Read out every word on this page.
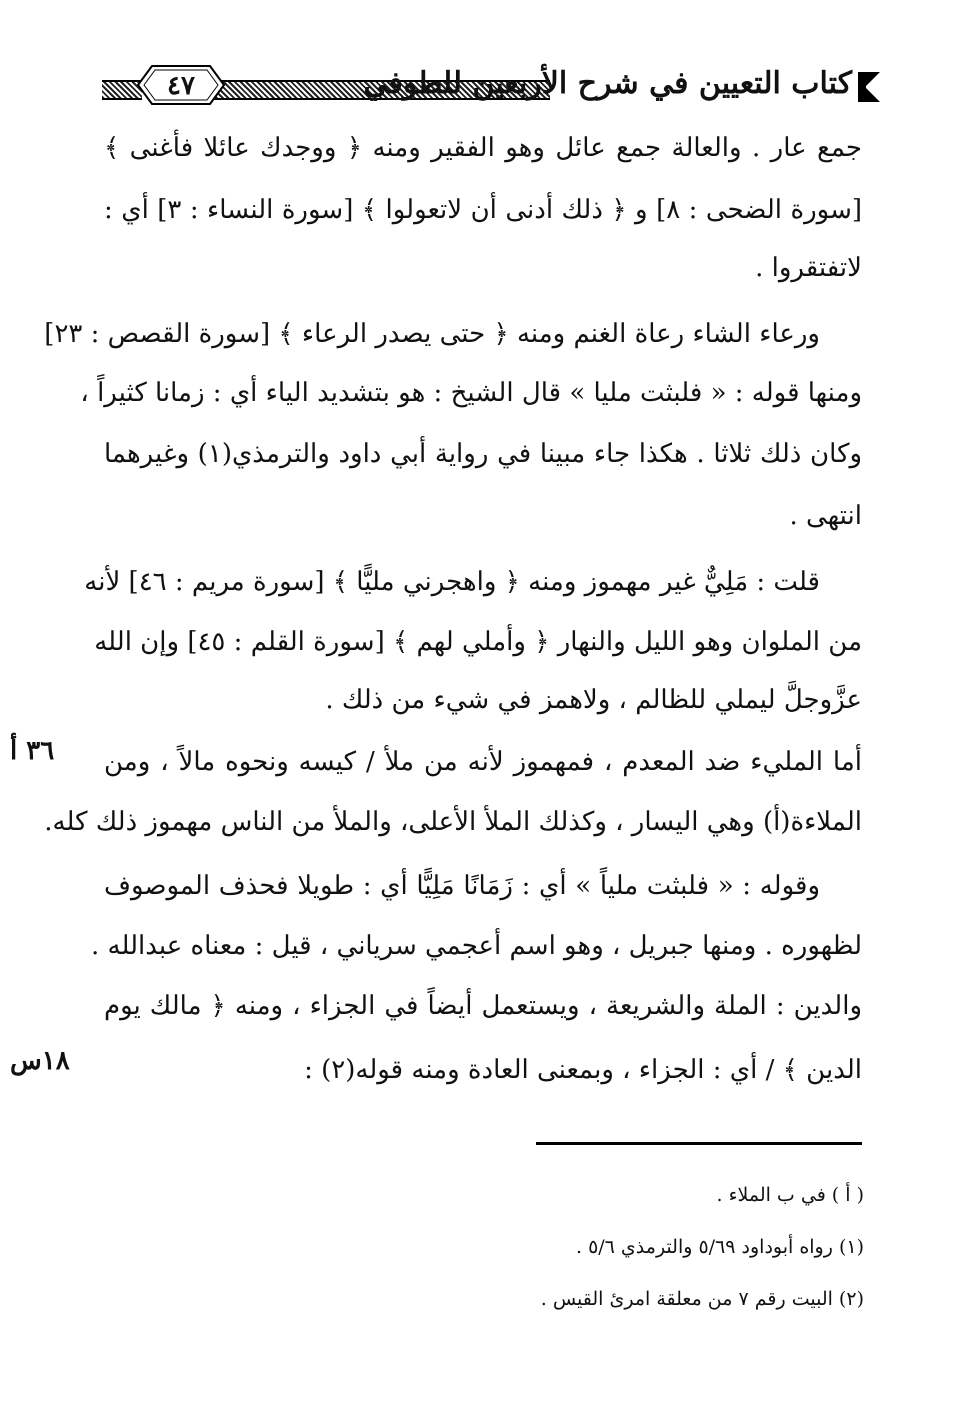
٤٧	كتاب التعيين في شرح الأربعين للطوفي
جمع عار . والعالة جمع عائل وهو الفقير ومنه ﴿ ووجدك عائلا فأغنى ﴾
[سورة الضحى : ٨] و ﴿ ذلك أدنى أن لاتعولوا ﴾ [سورة النساء : ٣] أي :
لاتفتقروا .
ورعاء الشاء رعاة الغنم ومنه ﴿ حتى يصدر الرعاء ﴾ [سورة القصص : ٢٣]
ومنها قوله : « فلبثت مليا » قال الشيخ : هو بتشديد الياء أي : زمانا كثيراً ،
وكان ذلك ثلاثا . هكذا جاء مبينا في رواية أبي داود والترمذي(١) وغيرهما
انتهى .
قلت : مَلِيٌّ غير مهموز ومنه ﴿ واهجرني مليًّا ﴾ [سورة مريم : ٤٦] لأنه
من الملوان وهو الليل والنهار ﴿ وأملي لهم ﴾ [سورة القلم : ٤٥] وإن الله
عزَّوجلَّ ليملي للظالم ، ولاهمز في شيء من ذلك .
أما المليء ضد المعدم ، فمهموز لأنه من ملأ / كيسه ونحوه مالاً ، ومن
الملاءة(أ) وهي اليسار ، وكذلك الملأ الأعلى، والملأ من الناس مهموز ذلك كله.
وقوله : « فلبثت ملياً » أي : زَمَانًا مَلِيًّا أي : طويلا فحذف الموصوف
لظهوره . ومنها جبريل ، وهو اسم أعجمي سرياني ، قيل : معناه عبدالله .
والدين : الملة والشريعة ، ويستعمل أيضاً في الجزاء ، ومنه ﴿ مالك يوم
الدين ﴾ / أي : الجزاء ، وبمعنى العادة ومنه قوله(٢) :
٣٦ أ
١٨س
( أ ) في ب الملاء .
(١) رواه أبوداود ٥/٦٩ والترمذي ٥/٦ .
(٢) البيت رقم ٧ من معلقة امرئ القيس .
